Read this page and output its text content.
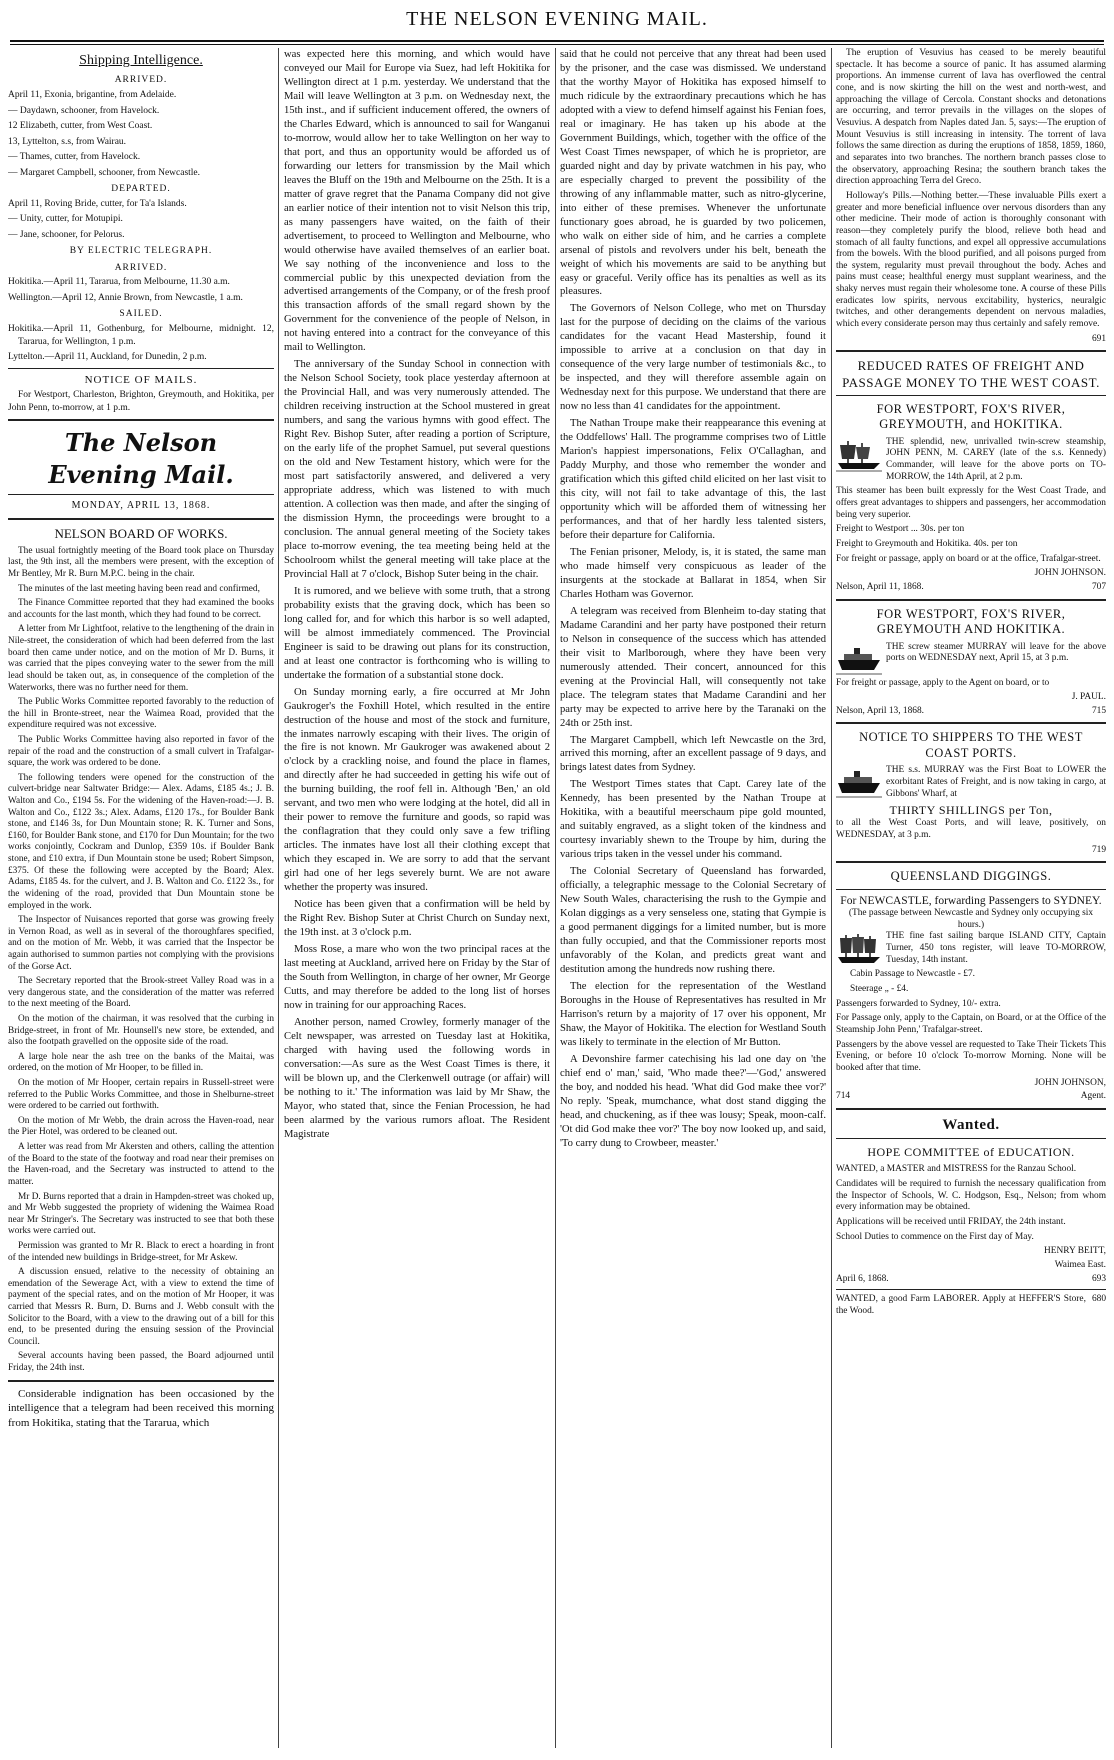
THE NELSON EVENING MAIL.
Shipping Intelligence.
ARRIVED.

April 11, Exonia, brigantine, from Adelaide.

— Daydawn, schooner, from Havelock.

12 Elizabeth, cutter, from West Coast.

13, Lyttelton, s.s, from Wairau.

— Thames, cutter, from Havelock.

— Margaret Campbell, schooner, from Newcastle.

DEPARTED.

April 11, Roving Bride, cutter, for Ta'a Islands.

— Unity, cutter, for Motupipi.

— Jane, schooner, for Pelorus.

BY ELECTRIC TELEGRAPH.
ARRIVED.

Hokitika.—April 11, Tararua, from Melbourne, 11.30 a.m.

Wellington.—April 12, Annie Brown, from Newcastle, 1 a.m.

SAILED.

Hokitika.—April 11, Gothenburg, for Melbourne, midnight. 12, Tararua, for Wellington, 1 p.m.

Lyttelton.—April 11, Auckland, for Dunedin, 2 p.m.

NOTICE OF MAILS.

For Westport, Charleston, Brighton, Greymouth, and Hokitika, per John Penn, to-morrow, at 1 p.m.

The Nelson Evening Mail.
MONDAY, APRIL 13, 1868.
NELSON BOARD OF WORKS.

The usual fortnightly meeting of the Board took place on Thursday last, the 9th inst, all the members were present, with the exception of Mr Bentley, Mr R. Burn M.P.C. being in the chair.

The minutes of the last meeting having been read and confirmed,

The Finance Committee reported that they had examined the books and accounts for the last month, which they had found to be correct.

A letter from Mr Lightfoot, relative to the lengthening of the drain in Nile-street, the consideration of which had been deferred from the last board then came under notice, and on the motion of Mr D. Burns, it was carried that the pipes conveying water to the sewer from the mill lead should be taken out, as, in consequence of the completion of the Waterworks, there was no further need for them.

The Public Works Committee reported favorably to the reduction of the hill in Bronte-street, near the Waimea Road, provided that the expenditure required was not excessive.

The Public Works Committee having also reported in favor of the repair of the road and the construction of a small culvert in Trafalgar-square, the work was ordered to be done.

The following tenders were opened for the construction of the culvert-bridge near Saltwater Bridge:— Alex. Adams, £185 4s.; J. B. Walton and Co., £194 5s. For the widening of the Haven-road:—J. B. Walton and Co., £122 3s.; Alex. Adams, £120 17s., for Boulder Bank stone, and £146 3s, for Dun Mountain stone; R. K. Turner and Sons, £160, for Boulder Bank stone, and £170 for Dun Mountain; for the two works conjointly, Cockram and Dunlop, £359 10s. if Boulder Bank stone, and £10 extra, if Dun Mountain stone be used; Robert Simpson, £375. Of these the following were accepted by the Board; Alex. Adams, £185 4s. for the culvert, and J. B. Walton and Co. £122 3s., for the widening of the road, provided that Dun Mountain stone be employed in the work.

The Inspector of Nuisances reported that gorse was growing freely in Vernon Road, as well as in several of the thoroughfares specified, and on the motion of Mr. Webb, it was carried that the Inspector be again authorised to summon parties not complying with the provisions of the Gorse Act.

The Secretary reported that the Brook-street Valley Road was in a very dangerous state, and the consideration of the matter was referred to the next meeting of the Board.

On the motion of the chairman, it was resolved that the curbing in Bridge-street, in front of Mr. Hounsell's new store, be extended, and also the footpath gravelled on the opposite side of the road.

A large hole near the ash tree on the banks of the Maitai, was ordered, on the motion of Mr Hooper, to be filled in.

On the motion of Mr Hooper, certain repairs in Russell-street were referred to the Public Works Committee, and those in Shelburne-street were ordered to be carried out forthwith.

On the motion of Mr Webb, the drain across the Haven-road, near the Pier Hotel, was ordered to be cleaned out.

A letter was read from Mr Akersten and others, calling the attention of the Board to the state of the footway and road near their premises on the Haven-road, and the Secretary was instructed to attend to the matter.

Mr D. Burns reported that a drain in Hampden-street was choked up, and Mr Webb suggested the propriety of widening the Waimea Road near Mr Stringer's. The Secretary was instructed to see that both these works were carried out.

Permission was granted to Mr R. Black to erect a hoarding in front of the intended new buildings in Bridge-street, for Mr Askew.

A discussion ensued, relative to the necessity of obtaining an emendation of the Sewerage Act, with a view to extend the time of payment of the special rates, and on the motion of Mr Hooper, it was carried that Messrs R. Burn, D. Burns and J. Webb consult with the Solicitor to the Board, with a view to the drawing out of a bill for this end, to be presented during the ensuing session of the Provincial Council.

Several accounts having been passed, the Board adjourned until Friday, the 24th inst.

Considerable indignation has been occasioned by the intelligence that a telegram had been received this morning from Hokitika, stating that the Tararua, which

was expected here this morning, and which would have conveyed our Mail for Europe via Suez, had left Hokitika for Wellington direct at 1 p.m. yesterday. We understand that the Mail will leave Wellington at 3 p.m. on Wednesday next, the 15th inst., and if sufficient inducement offered, the owners of the Charles Edward, which is announced to sail for Wanganui to-morrow, would allow her to take Wellington on her way to that port, and thus an opportunity would be afforded us of forwarding our letters for transmission by the Mail which leaves the Bluff on the 19th and Melbourne on the 25th. It is a matter of grave regret that the Panama Company did not give an earlier notice of their intention not to visit Nelson this trip, as many passengers have waited, on the faith of their advertisement, to proceed to Wellington and Melbourne, who would otherwise have availed themselves of an earlier boat. We say nothing of the inconvenience and loss to the commercial public by this unexpected deviation from the advertised arrangements of the Company, or of the fresh proof this transaction affords of the small regard shown by the Government for the convenience of the people of Nelson, in not having entered into a contract for the conveyance of this mail to Wellington.

The anniversary of the Sunday School in connection with the Nelson School Society, took place yesterday afternoon at the Provincial Hall, and was very numerously attended. The children receiving instruction at the School mustered in great numbers, and sang the various hymns with good effect. The Right Rev. Bishop Suter, after reading a portion of Scripture, on the early life of the prophet Samuel, put several questions on the old and New Testament history, which were for the most part satisfactorily answered, and delivered a very appropriate address, which was listened to with much attention. A collection was then made, and after the singing of the dismission Hymn, the proceedings were brought to a conclusion. The annual general meeting of the Society takes place to-morrow evening, the tea meeting being held at the Schoolroom whilst the general meeting will take place at the Provincial Hall at 7 o'clock, Bishop Suter being in the chair.

It is rumored, and we believe with some truth, that a strong probability exists that the graving dock, which has been so long called for, and for which this harbor is so well adapted, will be almost immediately commenced. The Provincial Engineer is said to be drawing out plans for its construction, and at least one contractor is forthcoming who is willing to undertake the formation of a substantial stone dock.

On Sunday morning early, a fire occurred at Mr John Gaukroger's the Foxhill Hotel, which resulted in the entire destruction of the house and most of the stock and furniture, the inmates narrowly escaping with their lives. The origin of the fire is not known. Mr Gaukroger was awakened about 2 o'clock by a crackling noise, and found the place in flames, and directly after he had succeeded in getting his wife out of the burning building, the roof fell in. Although 'Ben,' an old servant, and two men who were lodging at the hotel, did all in their power to remove the furniture and goods, so rapid was the conflagration that they could only save a few trifling articles. The inmates have lost all their clothing except that which they escaped in. We are sorry to add that the servant girl had one of her legs severely burnt. We are not aware whether the property was insured.

Notice has been given that a confirmation will be held by the Right Rev. Bishop Suter at Christ Church on Sunday next, the 19th inst. at 3 o'clock p.m.

Moss Rose, a mare who won the two principal races at the last meeting at Auckland, arrived here on Friday by the Star of the South from Wellington, in charge of her owner, Mr George Cutts, and may therefore be added to the long list of horses now in training for our approaching Races.

Another person, named Crowley, formerly manager of the Celt newspaper, was arrested on Tuesday last at Hokitika, charged with having used the following words in conversation:—As sure as the West Coast Times is there, it will be blown up, and the Clerkenwell outrage (or affair) will be nothing to it.' The information was laid by Mr Shaw, the Mayor, who stated that, since the Fenian Procession, he had been alarmed by the various rumors afloat. The Resident Magistrate

said that he could not perceive that any threat had been used by the prisoner, and the case was dismissed. We understand that the worthy Mayor of Hokitika has exposed himself to much ridicule by the extraordinary precautions which he has adopted with a view to defend himself against his Fenian foes, real or imaginary. He has taken up his abode at the Government Buildings, which, together with the office of the West Coast Times newspaper, of which he is proprietor, are guarded night and day by private watchmen in his pay, who are especially charged to prevent the possibility of the throwing of any inflammable matter, such as nitro-glycerine, into either of these premises. Whenever the unfortunate functionary goes abroad, he is guarded by two policemen, who walk on either side of him, and he carries a complete arsenal of pistols and revolvers under his belt, beneath the weight of which his movements are said to be anything but easy or graceful. Verily office has its penalties as well as its pleasures.

The Governors of Nelson College, who met on Thursday last for the purpose of deciding on the claims of the various candidates for the vacant Head Mastership, found it impossible to arrive at a conclusion on that day in consequence of the very large number of testimonials &c., to be inspected, and they will therefore assemble again on Wednesday next for this purpose. We understand that there are now no less than 41 candidates for the appointment.

The Nathan Troupe make their reappearance this evening at the Oddfellows' Hall. The programme comprises two of Little Marion's happiest impersonations, Felix O'Callaghan, and Paddy Murphy, and those who remember the wonder and gratification which this gifted child elicited on her last visit to this city, will not fail to take advantage of this, the last opportunity which will be afforded them of witnessing her performances, and that of her hardly less talented sisters, before their departure for California.

The Fenian prisoner, Melody, is, it is stated, the same man who made himself very conspicuous as leader of the insurgents at the stockade at Ballarat in 1854, when Sir Charles Hotham was Governor.

A telegram was received from Blenheim to-day stating that Madame Carandini and her party have postponed their return to Nelson in consequence of the success which has attended their visit to Marlborough, where they have been very numerously attended. Their concert, announced for this evening at the Provincial Hall, will consequently not take place. The telegram states that Madame Carandini and her party may be expected to arrive here by the Taranaki on the 24th or 25th inst.

The Margaret Campbell, which left Newcastle on the 3rd, arrived this morning, after an excellent passage of 9 days, and brings latest dates from Sydney.

The Westport Times states that Capt. Carey late of the Kennedy, has been presented by the Nathan Troupe at Hokitika, with a beautiful meerschaum pipe gold mounted, and suitably engraved, as a slight token of the kindness and courtesy invariably shewn to the Troupe by him, during the various trips taken in the vessel under his command.

The Colonial Secretary of Queensland has forwarded, officially, a telegraphic message to the Colonial Secretary of New South Wales, characterising the rush to the Gympie and Kolan diggings as a very senseless one, stating that Gympie is a good permanent diggings for a limited number, but is more than fully occupied, and that the Commissioner reports most unfavorably of the Kolan, and predicts great want and destitution among the hundreds now rushing there.

The election for the representation of the Westland Boroughs in the House of Representatives has resulted in Mr Harrison's return by a majority of 17 over his opponent, Mr Shaw, the Mayor of Hokitika. The election for Westland South was likely to terminate in the election of Mr Button.

A Devonshire farmer catechising his lad one day on 'the chief end o' man,' said, 'Who made thee?'—'God,' answered the boy, and nodded his head. 'What did God make thee vor?' No reply. 'Speak, mumchance, what dost stand digging the head, and chuckening, as if thee was lousy; Speak, moon-calf. 'Ot did God make thee vor?' The boy now looked up, and said, 'To carry dung to Crowbeer, measter.'

The eruption of Vesuvius has ceased to be merely beautiful spectacle. It has become a source of panic. It has assumed alarming proportions. An immense current of lava has overflowed the central cone, and is now skirting the hill on the west and north-west, and approaching the village of Cercola. Constant shocks and detonations are occurring, and terror prevails in the villages on the slopes of Vesuvius. A despatch from Naples dated Jan. 5, says:—The eruption of Mount Vesuvius is still increasing in intensity. The torrent of lava follows the same direction as during the eruptions of 1858, 1859, 1860, and separates into two branches. The northern branch passes close to the observatory, approaching Resina; the southern branch takes the direction approaching Terra del Greco.

Holloway's Pills.—Nothing better.—These invaluable Pills exert a greater and more beneficial influence over nervous disorders than any other medicine. Their mode of action is thoroughly consonant with reason—they completely purify the blood, relieve both head and stomach of all faulty functions, and expel all oppressive accumulations from the bowels. With the blood purified, and all poisons purged from the system, regularity must prevail throughout the body. Aches and pains must cease; healthful energy must supplant weariness, and the shaky nerves must regain their wholesome tone. A course of these Pills eradicates low spirits, nervous excitability, hysterics, neuralgic twitches, and other derangements dependent on nervous maladies, which every considerate person may thus certainly and safely remove.

691
REDUCED RATES OF FREIGHT AND PASSAGE MONEY TO THE WEST COAST.
FOR WESTPORT, FOX'S RIVER, GREYMOUTH, and HOKITIKA.

THE splendid, new, unrivalled twin-screw steamship, JOHN PENN, M. CAREY (late of the s.s. Kennedy) Commander, will leave for the above ports on TO-MORROW, the 14th April, at 2 p.m.

This steamer has been built expressly for the West Coast Trade, and offers great advantages to shippers and passengers, her accommodation being very superior.

Freight to Westport ... 30s. per ton

Freight to Greymouth and Hokitika. 40s. per ton

For freight or passage, apply on board or at the office, Trafalgar-street.

JOHN JOHNSON.
Nelson, April 11, 1868.	707
FOR WESTPORT, FOX'S RIVER, GREYMOUTH AND HOKITIKA.

THE screw steamer MURRAY will leave for the above ports on WEDNESDAY next, April 15, at 3 p.m.

For freight or passage, apply to the Agent on board, or to

J. PAUL.
Nelson, April 13, 1868.	715
NOTICE TO SHIPPERS TO THE WEST COAST PORTS.

THE s.s. MURRAY was the First Boat to LOWER the exorbitant Rates of Freight, and is now taking in cargo, at Gibbons' Wharf, at

THIRTY SHILLINGS per Ton,

to all the West Coast Ports, and will leave, positively, on WEDNESDAY, at 3 p.m.

719
QUEENSLAND DIGGINGS.
For NEWCASTLE, forwarding Passengers to SYDNEY.
(The passage between Newcastle and Sydney only occupying six hours.)

THE fine fast sailing barque ISLAND CITY, Captain Turner, 450 tons register, will leave TO-MORROW, Tuesday, 14th instant.

Cabin Passage to Newcastle - £7.

Steerage „ - £4.

Passengers forwarded to Sydney, 10/- extra.

For Passage only, apply to the Captain, on Board, or at the Office of the Steamship John Penn,' Trafalgar-street.

Passengers by the above vessel are requested to Take Their Tickets This Evening, or before 10 o'clock To-morrow Morning. None will be booked after that time.

JOHN JOHNSON,
714	Agent.
Wanted.
HOPE COMMITTEE of EDUCATION.

WANTED, a MASTER and MISTRESS for the Ranzau School.

Candidates will be required to furnish the necessary qualification from the Inspector of Schools, W. C. Hodgson, Esq., Nelson; from whom every information may be obtained.

Applications will be received until FRIDAY, the 24th instant.

School Duties to commence on the First day of May.

HENRY BEITT,
Waimea East.
April 6, 1868.	693
WANTED, a good Farm LABORER. Apply at HEFFER'S Store, the Wood.
680
